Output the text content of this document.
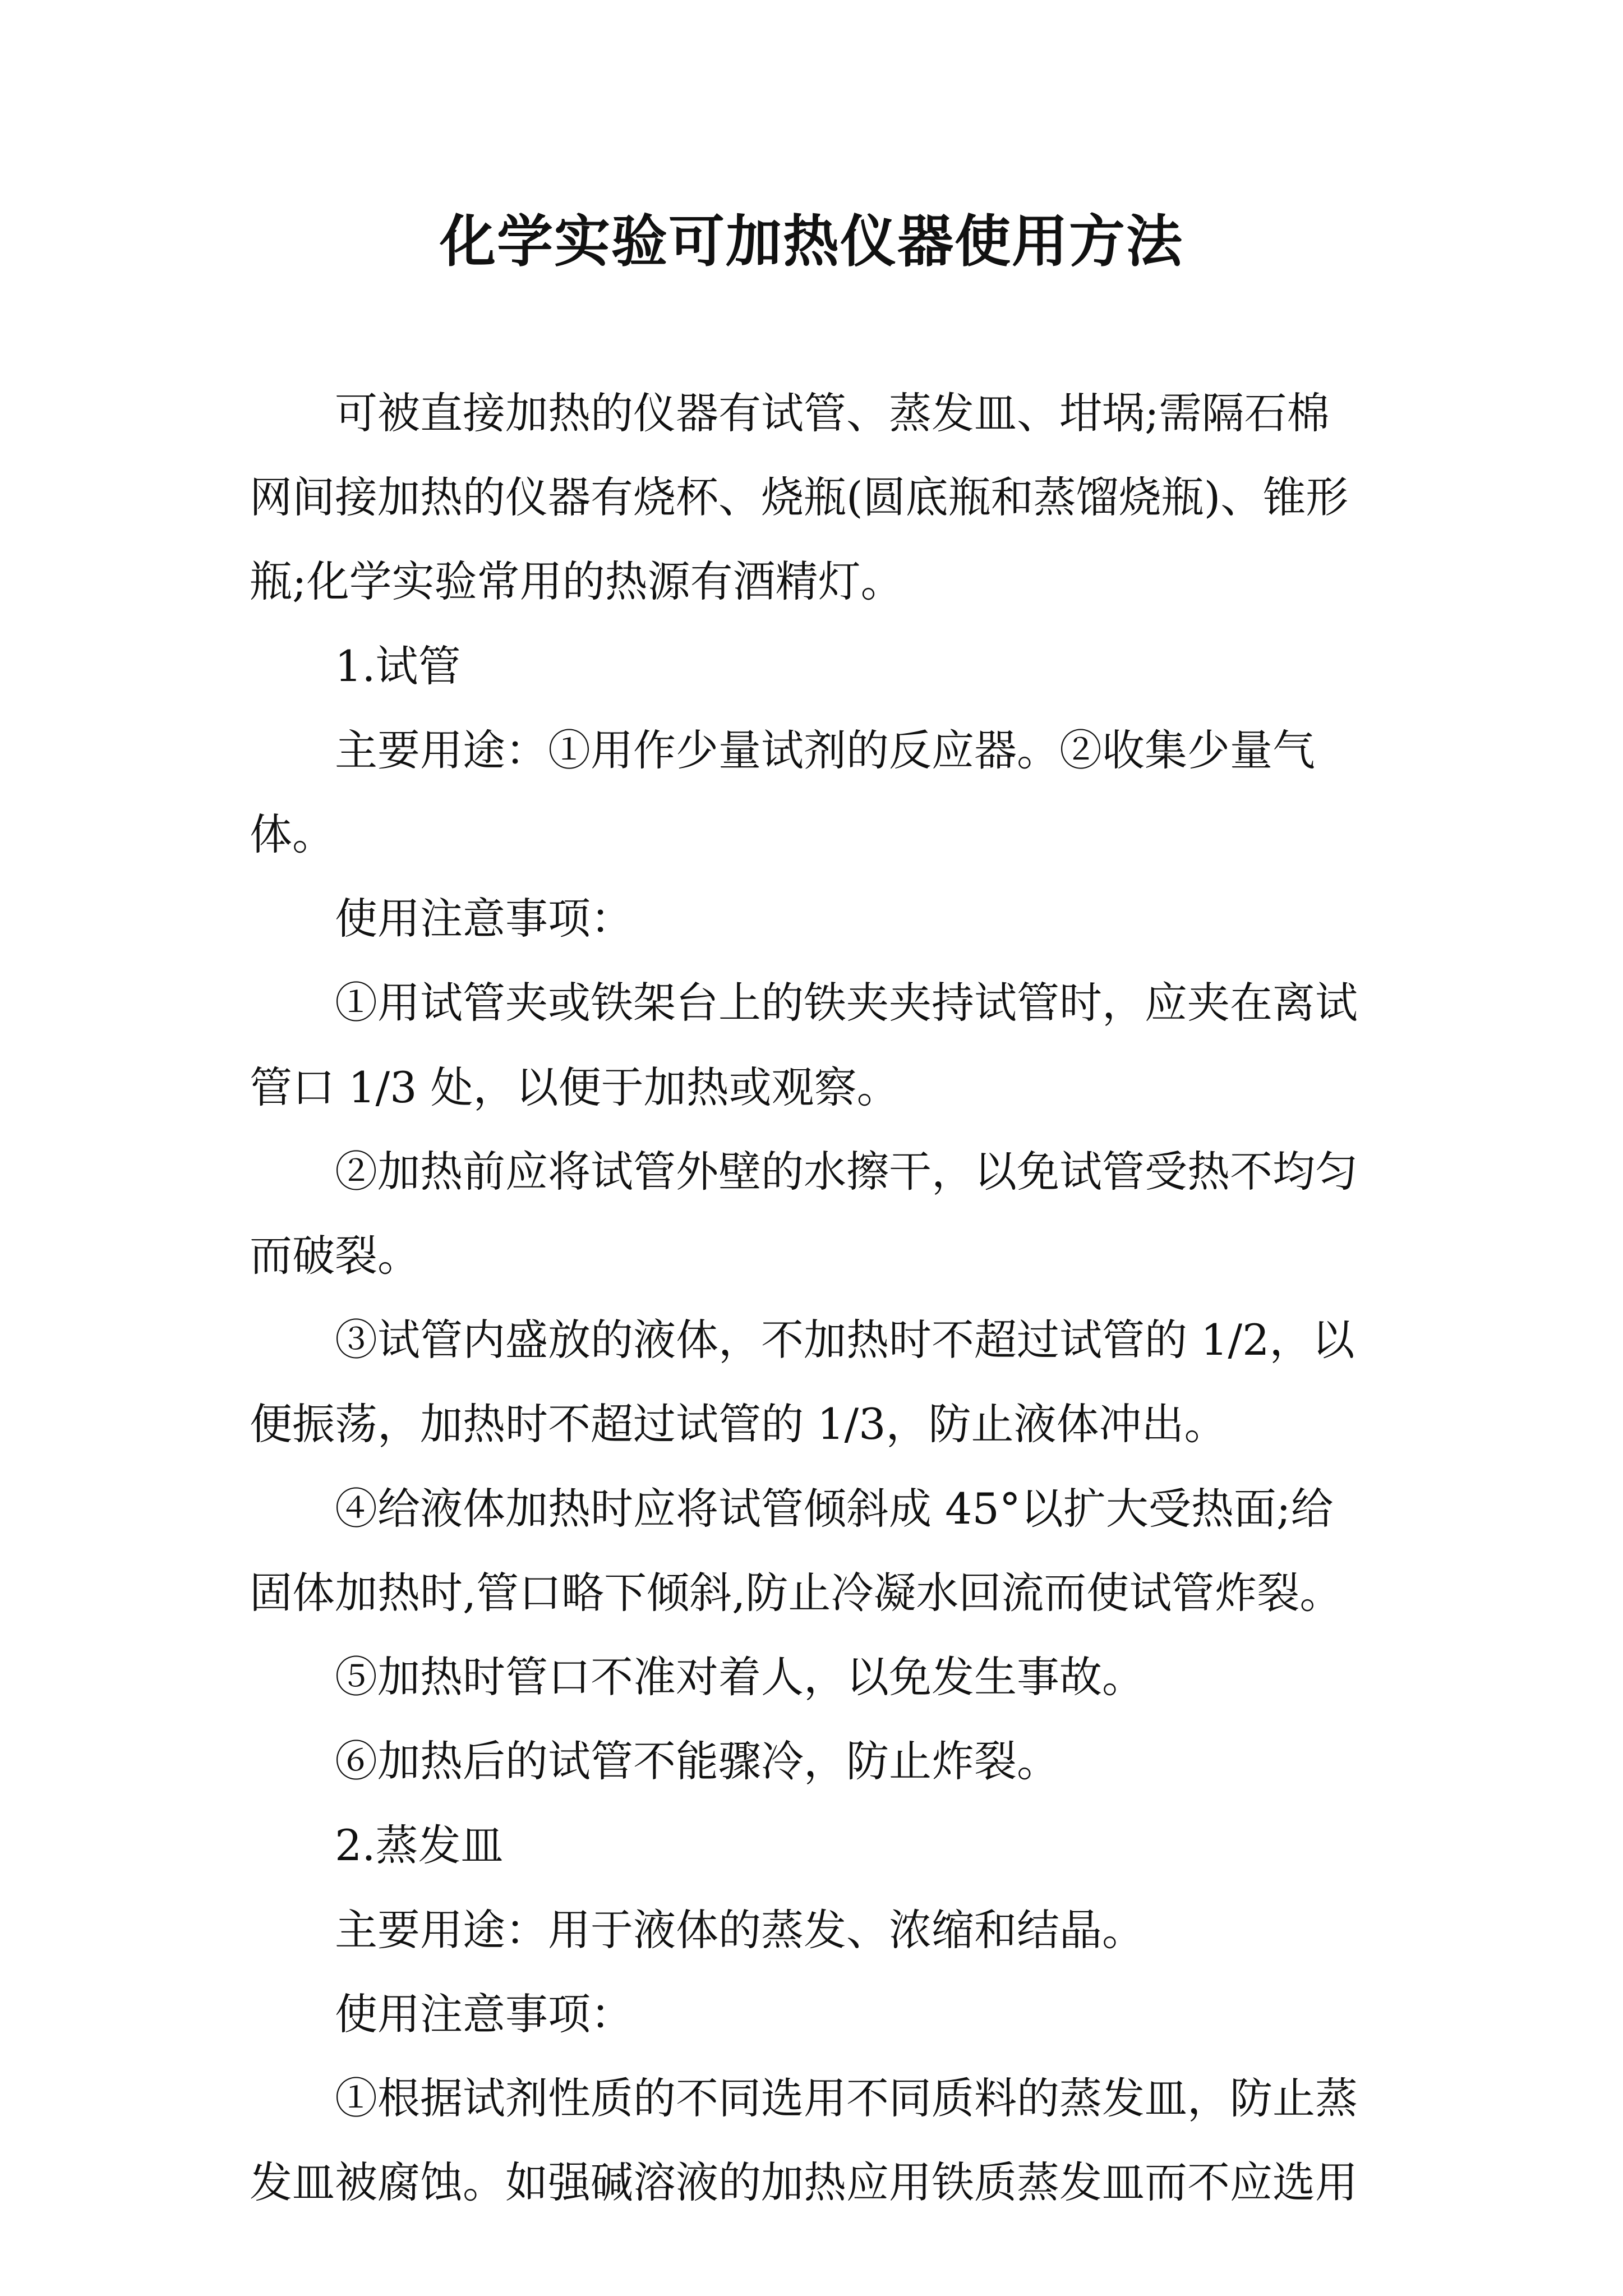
化学实验可加热仪器使用方法
可被直接加热的仪器有试管、蒸发皿、坩埚;需隔石棉
网间接加热的仪器有烧杯、烧瓶(圆底瓶和蒸馏烧瓶)、锥形
瓶;化学实验常用的热源有酒精灯。
1.试管
主要用途：①用作少量试剂的反应器。②收集少量气
体。
使用注意事项：
①用试管夹或铁架台上的铁夹夹持试管时，应夹在离试
管口 1/3 处，以便于加热或观察。
②加热前应将试管外壁的水擦干，以免试管受热不均匀
而破裂。
③试管内盛放的液体，不加热时不超过试管的 1/2，以
便振荡，加热时不超过试管的 1/3，防止液体冲出。
④给液体加热时应将试管倾斜成 45°以扩大受热面;给
固体加热时,管口略下倾斜,防止冷凝水回流而使试管炸裂。
⑤加热时管口不准对着人，以免发生事故。
⑥加热后的试管不能骤冷，防止炸裂。
2.蒸发皿
主要用途：用于液体的蒸发、浓缩和结晶。
使用注意事项：
①根据试剂性质的不同选用不同质料的蒸发皿，防止蒸
发皿被腐蚀。如强碱溶液的加热应用铁质蒸发皿而不应选用
